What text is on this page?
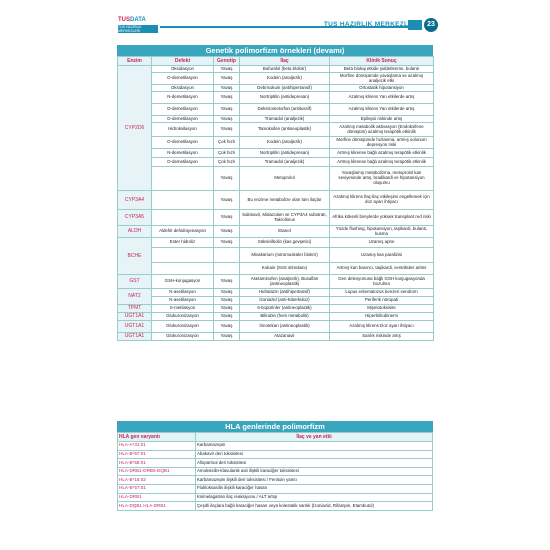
TUSDATA
TUS HAZIRLIK MERKEZLERİ
TUS HAZIRLIK MERKEZLERİ	23
Genetik polimorfizm örnekleri (devamı)
Enzim	Defekt	Genotip	İlaç	Klinik Sonuç
CYP2D6	Oksidasyon	Yavaş	Bufuralol (beta blokör)	Beta blokaj etkide şiddetlenme, bulantı
	O-demetilasyon	Yavaş	Kodein (analjezik)	Morfine dönüşümde yavaşlama ve azalmış analjezik etki
	Oksidasyon	Yavaş	Debrisokuin (antihipertansif)	Ortostatik hipotansiyon
	N-demetilasyon	Yavaş	Nortriptilin (antidepresan)	Azalmış klirens Yan etkilerde artış
	O-demetilasyon	Yavaş	Dekstrometorfan (antitussif)	Azalmış klirens Yan etkilerde artış
	O-demetilasyon	Yavaş	Tramadol (analjezik)	Epilepsi riskinde artış
	Hidroksilasyon	Yavaş	Tamoksifen (antineoplastik)	Azalmış metabolik aktivasyon (Endoksifene dönüşüm) azalmış terapötik etkinlik
	O-demetilasyon	Çok hızlı	Kodein (analjezik)	Morfine dönüşümde hızlanma, artmış solunum depresyon riski
	N-demetilasyon	Çok hızlı	Nortriptilin (antidepresan)	Artmış klirense bağlı azalmış terapötik etkinlik
	O-demetilasyon	Çok hızlı	Tramadol (analjezik)	Artmış klirense bağlı azalmış terapötik etkinlik
		Yavaş	Metoprolol	Yavaşlamış metabolizma, metoprolol kan seviyesinde artış, bradikardi ve hipotansiyon oluşumu
CYP3A4		Yavaş	Bu enzime metabolize olan tüm ilaçlar	Azalmış klirens İlaç-ilaç etkileşimi engellemek için doz ayarı ihtiyacı
CYP3A5		Yavaş	Sakinavir, Midazolam ve CYP3A4 substratı, Takrolimus	Afrika kökenli bireylerde yüksek transplant red riski
ALDH	Aldehit dehidrojenasyon	Yavaş	Etanol	Yüzde flushing, hipotansiyon, taşikardi, bulantı, kusma
BCHE	Ester hidroliz	Yavaş	Süksinilkolin (kas gevşetici)	Uzamış apne
			Mivakürium (nöromusküler blokör)	Uzamış kas paralizisi
			Kokain (SSS stimülanı)	Artmış kan basıncı, taşikardi, ventriküler aritmi
GST	GSH-konjugasyon	Yavaş	Asetaminofen (analjezik), Busulfan (antineoplastik)	Gen delesyonuna bağlı GSH konjugasyonda bozulma
NAT2	N-asetilasyon	Yavaş	Hidralazin (antihipertansif)	Lupus eritematozus benzeri sendrom
	N-asetilasyon	Yavaş	İzoniazid (anti-tüberküloz)	Periferik nöropati
TPMT	S-metilasyon	Yavaş	6-tiopürinler (antineoplastik)	Miyelotoksisite
UGT1A1	Glukuronizasyon	Yavaş	Bilirubin (hem metaboliti)	Hiperbilirubinemi
UGT1A1	Glukuronizasyon	Yavaş	İrinotekan (antineoplastik)	Azalmış klirens Doz ayarı ihtiyacı
UGT1A1	Glukuronizasyon	Yavaş	Atazanavir	Sarılık riskinde artış
HLA genlerinde polimorfizm
HLA gen varyantı	İlaç ve yan etki
HLA-A*31:01	Karbamazepin
HLA-B*57:01	Abakavir deri toksisitesi
HLA-B*58:01	Allopürinol deri toksisitesi
HLA-DRB1-DRB5-DQB1	Amoksisilin-klavulanik asit ilişkili karaciğer toksisitesi
HLA-B*15:02	Karbamazepin ilişkili deri toksisitesi / Fenitoin yanıtı
HLA-B*57:01	Flukloksasilin ilişkili karaciğer hasarı
HLA-DRB1	Ksimelagatran ilaç reaksiyonu / ALT artışı
HLA-DQB1 HLA-DRB1	Çeşitli ilaçlara bağlı karaciğer hasarı veya kolestatik sarılık (İzoniazid, Rifampin, Etambutol)
